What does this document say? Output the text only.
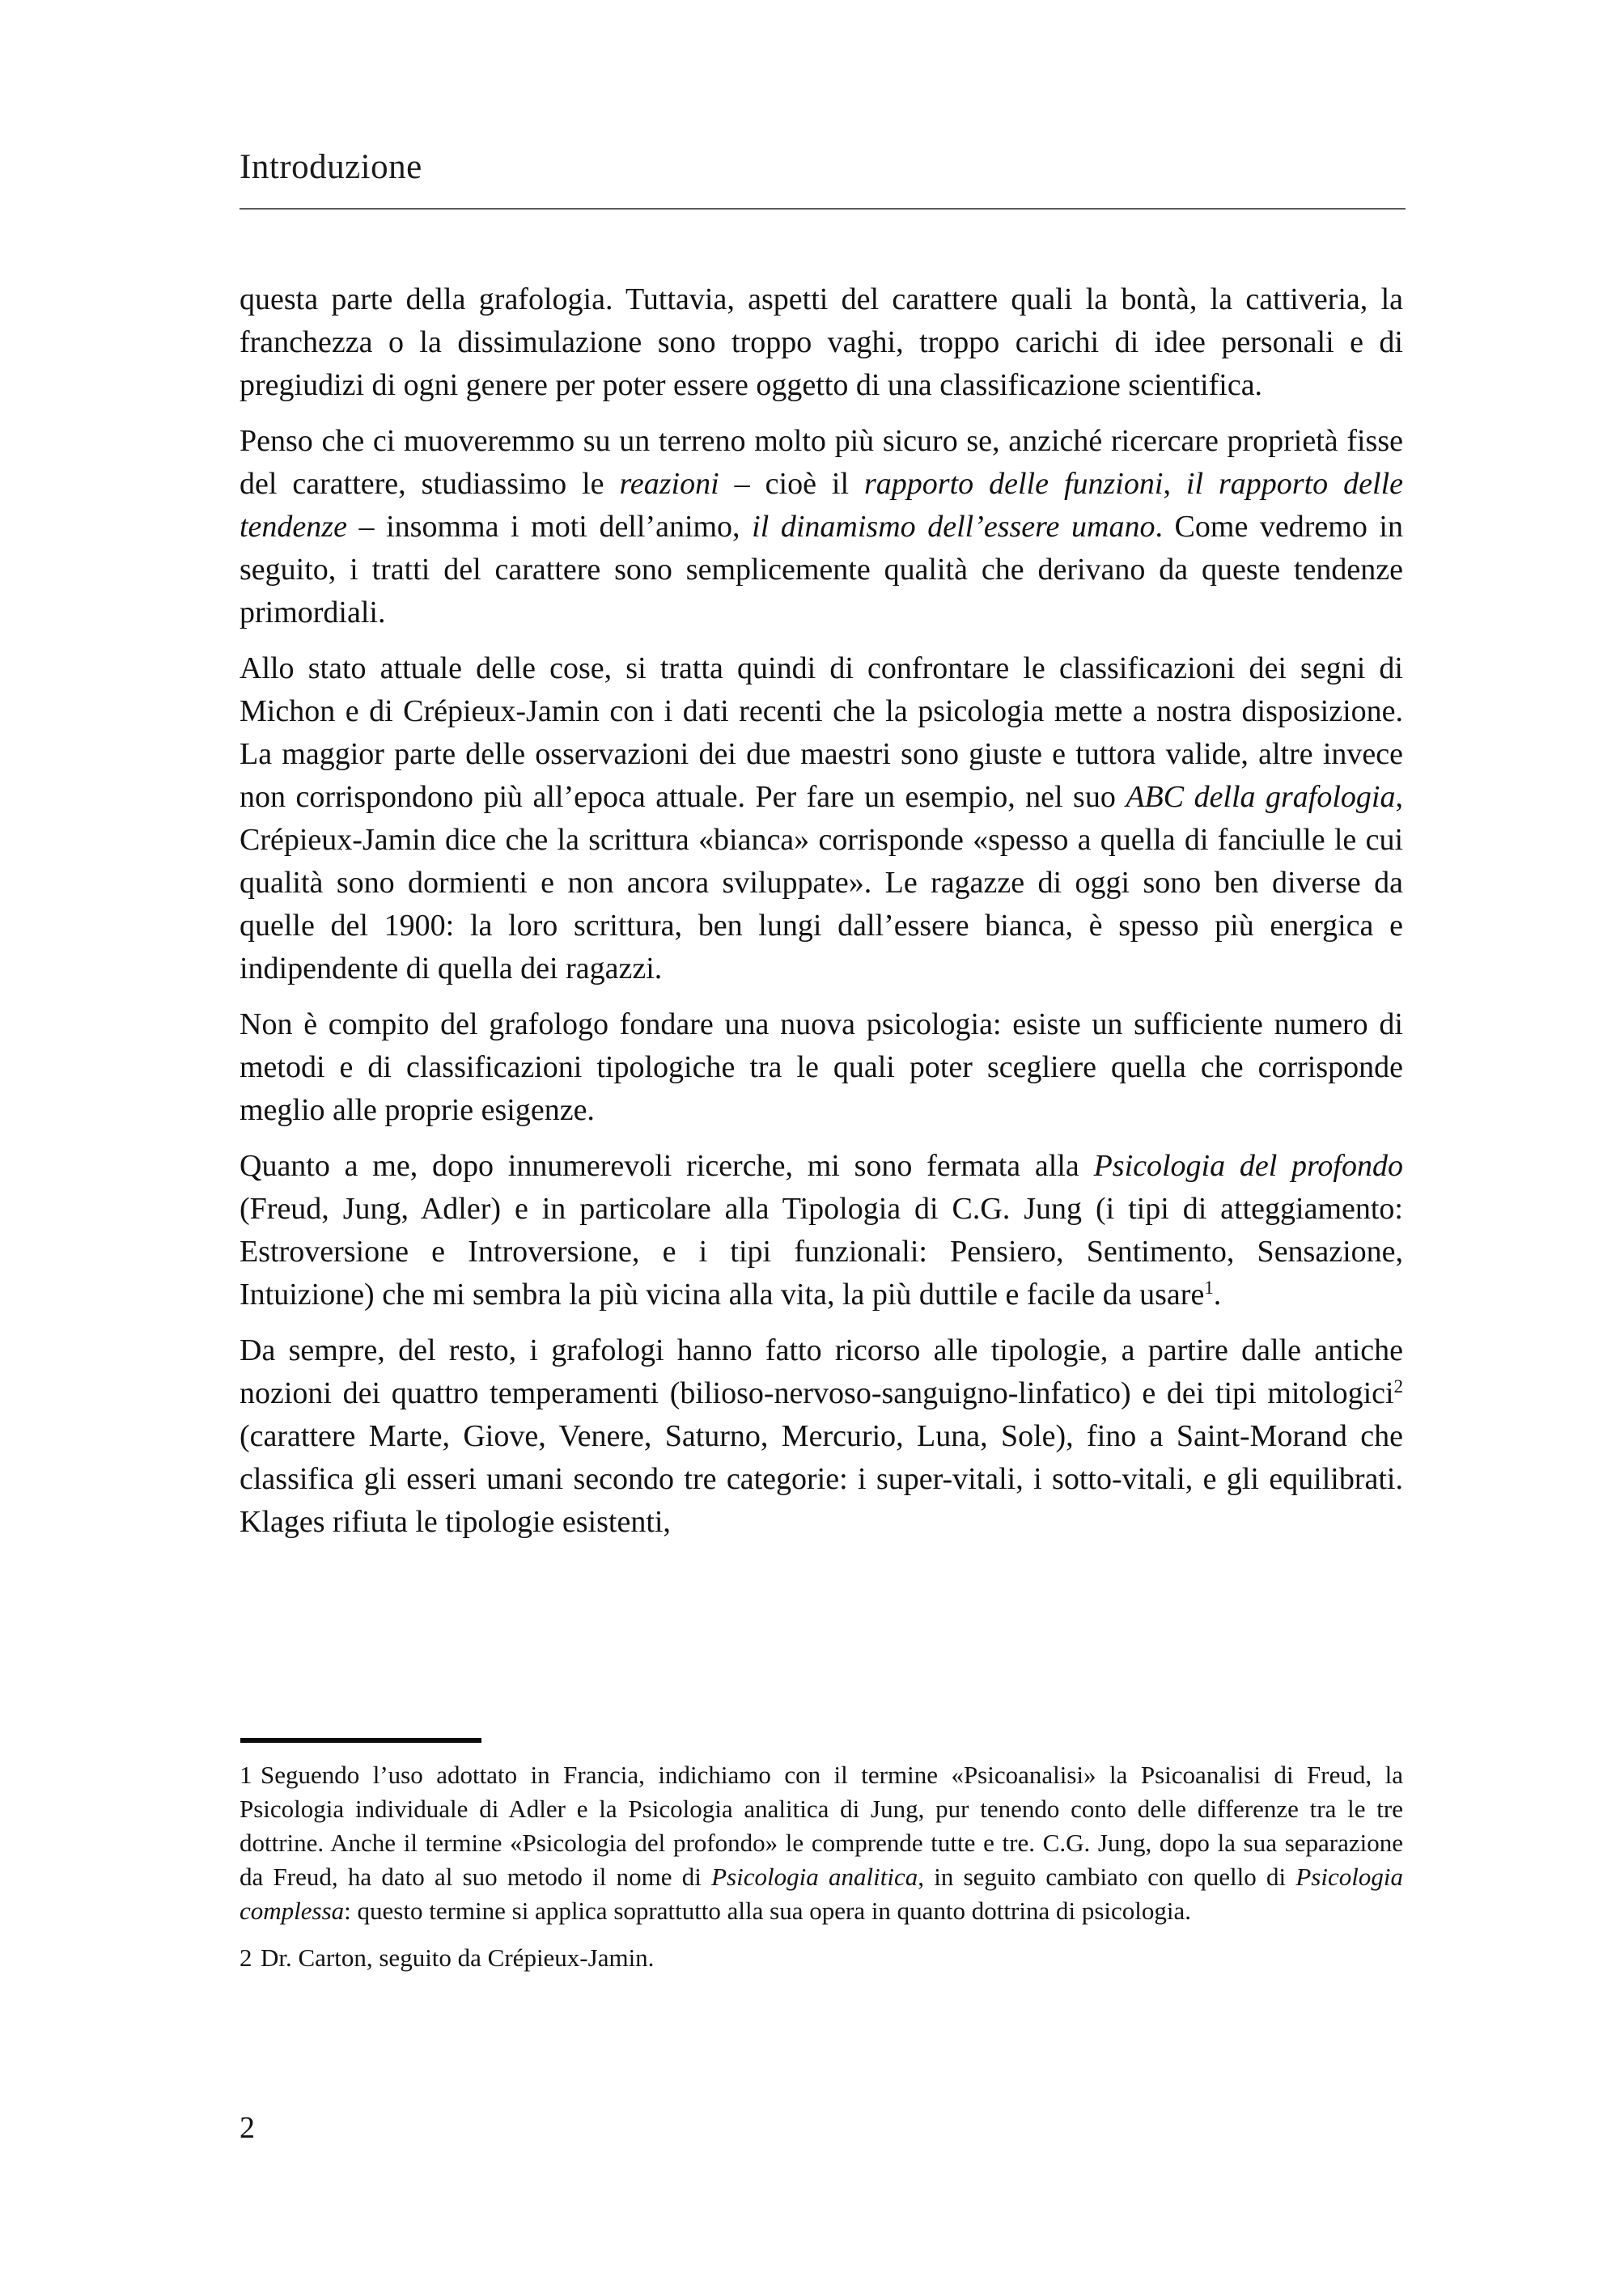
Introduzione

questa parte della grafologia. Tuttavia, aspetti del carattere quali la bontà, la cattiveria, la franchezza o la dissimulazione sono troppo vaghi, troppo carichi di idee personali e di pregiudizi di ogni genere per poter essere oggetto di una classificazione scientifica.

Penso che ci muoveremmo su un terreno molto più sicuro se, anziché ricercare proprietà fisse del carattere, studiassimo le reazioni – cioè il rapporto delle funzioni, il rapporto delle tendenze – insomma i moti dell’animo, il dinamismo dell’essere umano. Come vedremo in seguito, i tratti del carattere sono semplicemente qualità che derivano da queste tendenze primordiali.

Allo stato attuale delle cose, si tratta quindi di confrontare le classificazioni dei segni di Michon e di Crépieux-Jamin con i dati recenti che la psicologia mette a nostra disposizione. La maggior parte delle osservazioni dei due maestri sono giuste e tuttora valide, altre invece non corrispondono più all’epoca attuale. Per fare un esempio, nel suo ABC della grafologia, Crépieux-Jamin dice che la scrittura «bianca» corrisponde «spesso a quella di fanciulle le cui qualità sono dormienti e non ancora sviluppate». Le ragazze di oggi sono ben diverse da quelle del 1900: la loro scrittura, ben lungi dall’essere bianca, è spesso più energica e indipendente di quella dei ragazzi.

Non è compito del grafologo fondare una nuova psicologia: esiste un sufficiente numero di metodi e di classificazioni tipologiche tra le quali poter scegliere quella che corrisponde meglio alle proprie esigenze.

Quanto a me, dopo innumerevoli ricerche, mi sono fermata alla Psicologia del profondo (Freud, Jung, Adler) e in particolare alla Tipologia di C.G. Jung (i tipi di atteggiamento: Estroversione e Introversione, e i tipi funzionali: Pensiero, Sentimento, Sensazione, Intuizione) che mi sembra la più vicina alla vita, la più duttile e facile da usare$^1$.

Da sempre, del resto, i grafologi hanno fatto ricorso alle tipologie, a partire dalle antiche nozioni dei quattro temperamenti (bilioso-nervoso-sanguigno-linfatico) e dei tipi mitologici$^2$ (carattere Marte, Giove, Venere, Saturno, Mercurio, Luna, Sole), fino a Saint-Morand che classifica gli esseri umani secondo tre categorie: i super-vitali, i sotto-vitali, e gli equilibrati. Klages rifiuta le tipologie esistenti,

1 Seguendo l’uso adottato in Francia, indichiamo con il termine «Psicoanalisi» la Psicoanalisi di Freud, la Psicologia individuale di Adler e la Psicologia analitica di Jung, pur tenendo conto delle differenze tra le tre dottrine. Anche il termine «Psicologia del profondo» le comprende tutte e tre. C.G. Jung, dopo la sua separazione da Freud, ha dato al suo metodo il nome di Psicologia analitica, in seguito cambiato con quello di Psicologia complessa: questo termine si applica soprattutto alla sua opera in quanto dottrina di psicologia.

2 Dr. Carton, seguito da Crépieux-Jamin.

2
